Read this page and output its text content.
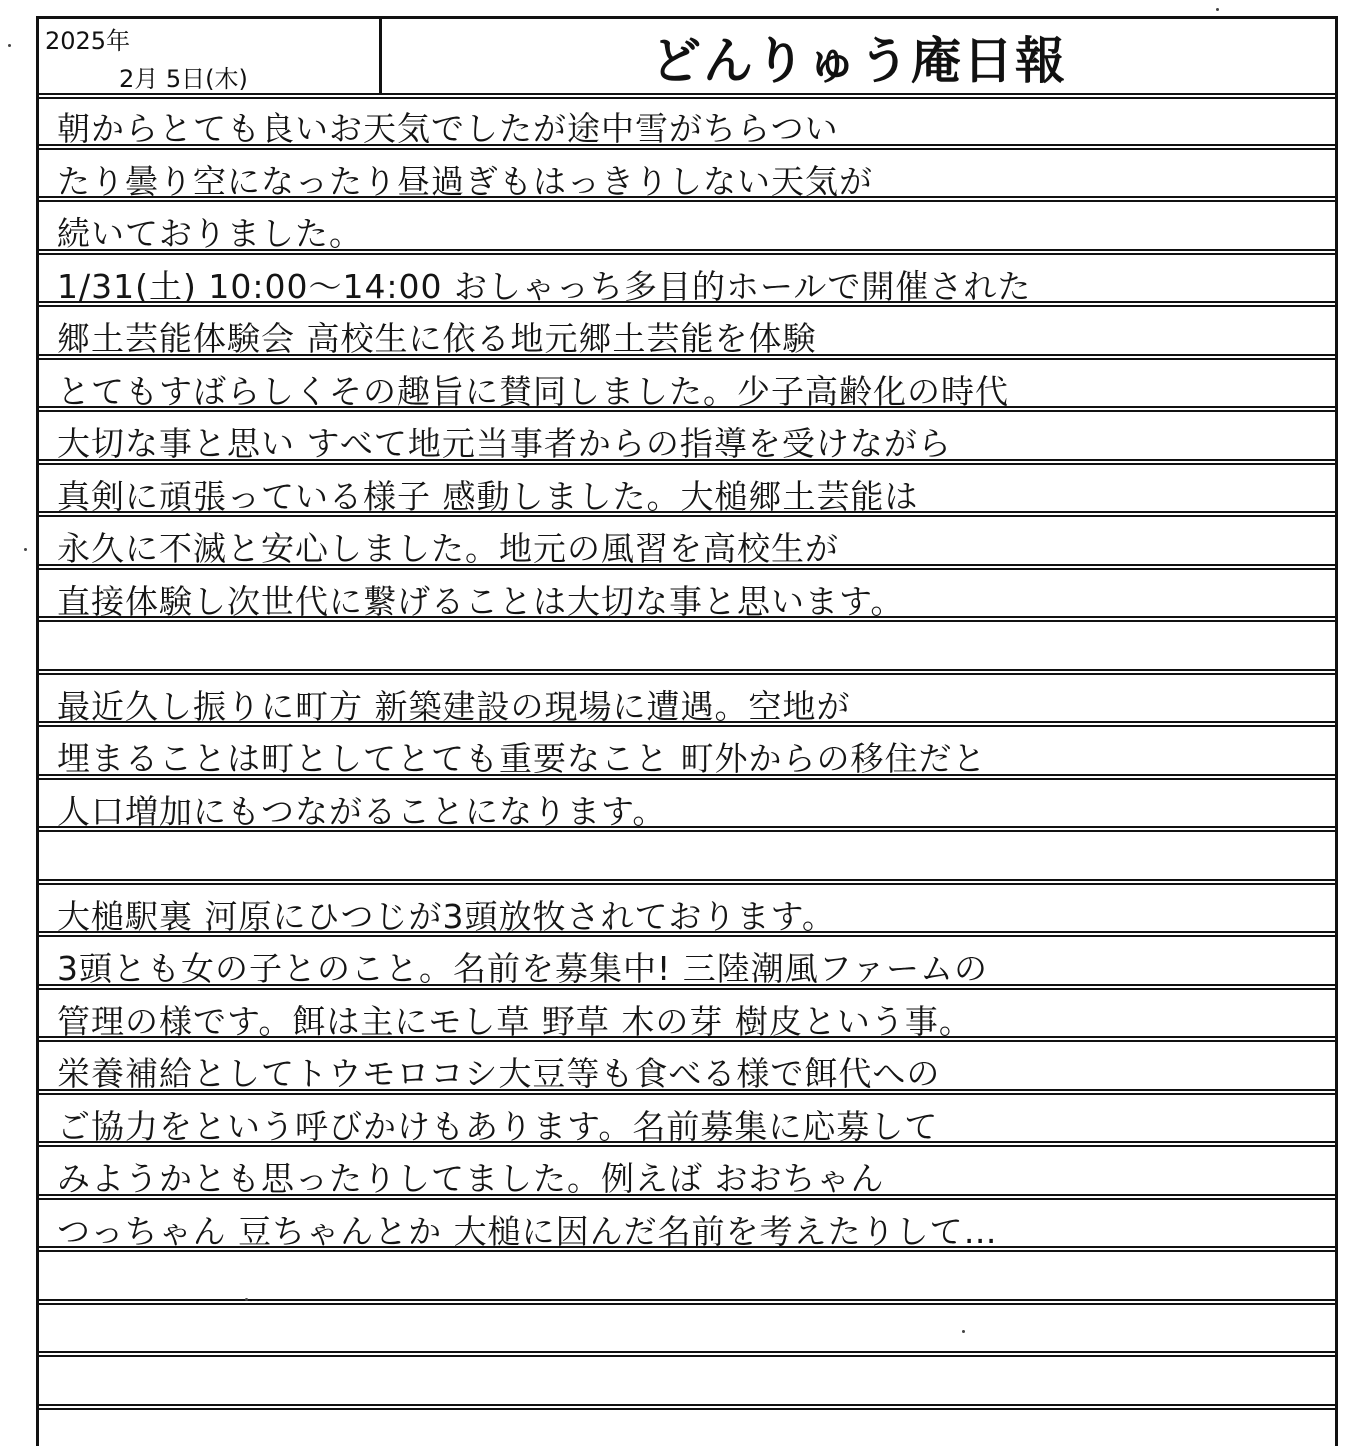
2025年
2月 5日(木)	どんりゅう庵日報
朝からとても良いお天気でしたが途中雪がちらつい
たり曇り空になったり昼過ぎもはっきりしない天気が
続いておりました。
1/31(土) 10:00〜14:00 おしゃっち多目的ホールで開催された
郷土芸能体験会 高校生に依る地元郷土芸能を体験
とてもすばらしくその趣旨に賛同しました。少子高齢化の時代
大切な事と思い すべて地元当事者からの指導を受けながら
真剣に頑張っている様子 感動しました。大槌郷土芸能は
永久に不滅と安心しました。地元の風習を高校生が
直接体験し次世代に繋げることは大切な事と思います。
最近久し振りに町方 新築建設の現場に遭遇。空地が
埋まることは町としてとても重要なこと 町外からの移住だと
人口増加にもつながることになります。
大槌駅裏 河原にひつじが3頭放牧されております。
3頭とも女の子とのこと。名前を募集中! 三陸潮風ファームの
管理の様です。餌は主にモし草 野草 木の芽 樹皮という事。
栄養補給としてトウモロコシ大豆等も食べる様で餌代への
ご協力をという呼びかけもあります。名前募集に応募して
みようかとも思ったりしてました。例えば おおちゃん
つっちゃん 豆ちゃんとか 大槌に因んだ名前を考えたりして…
